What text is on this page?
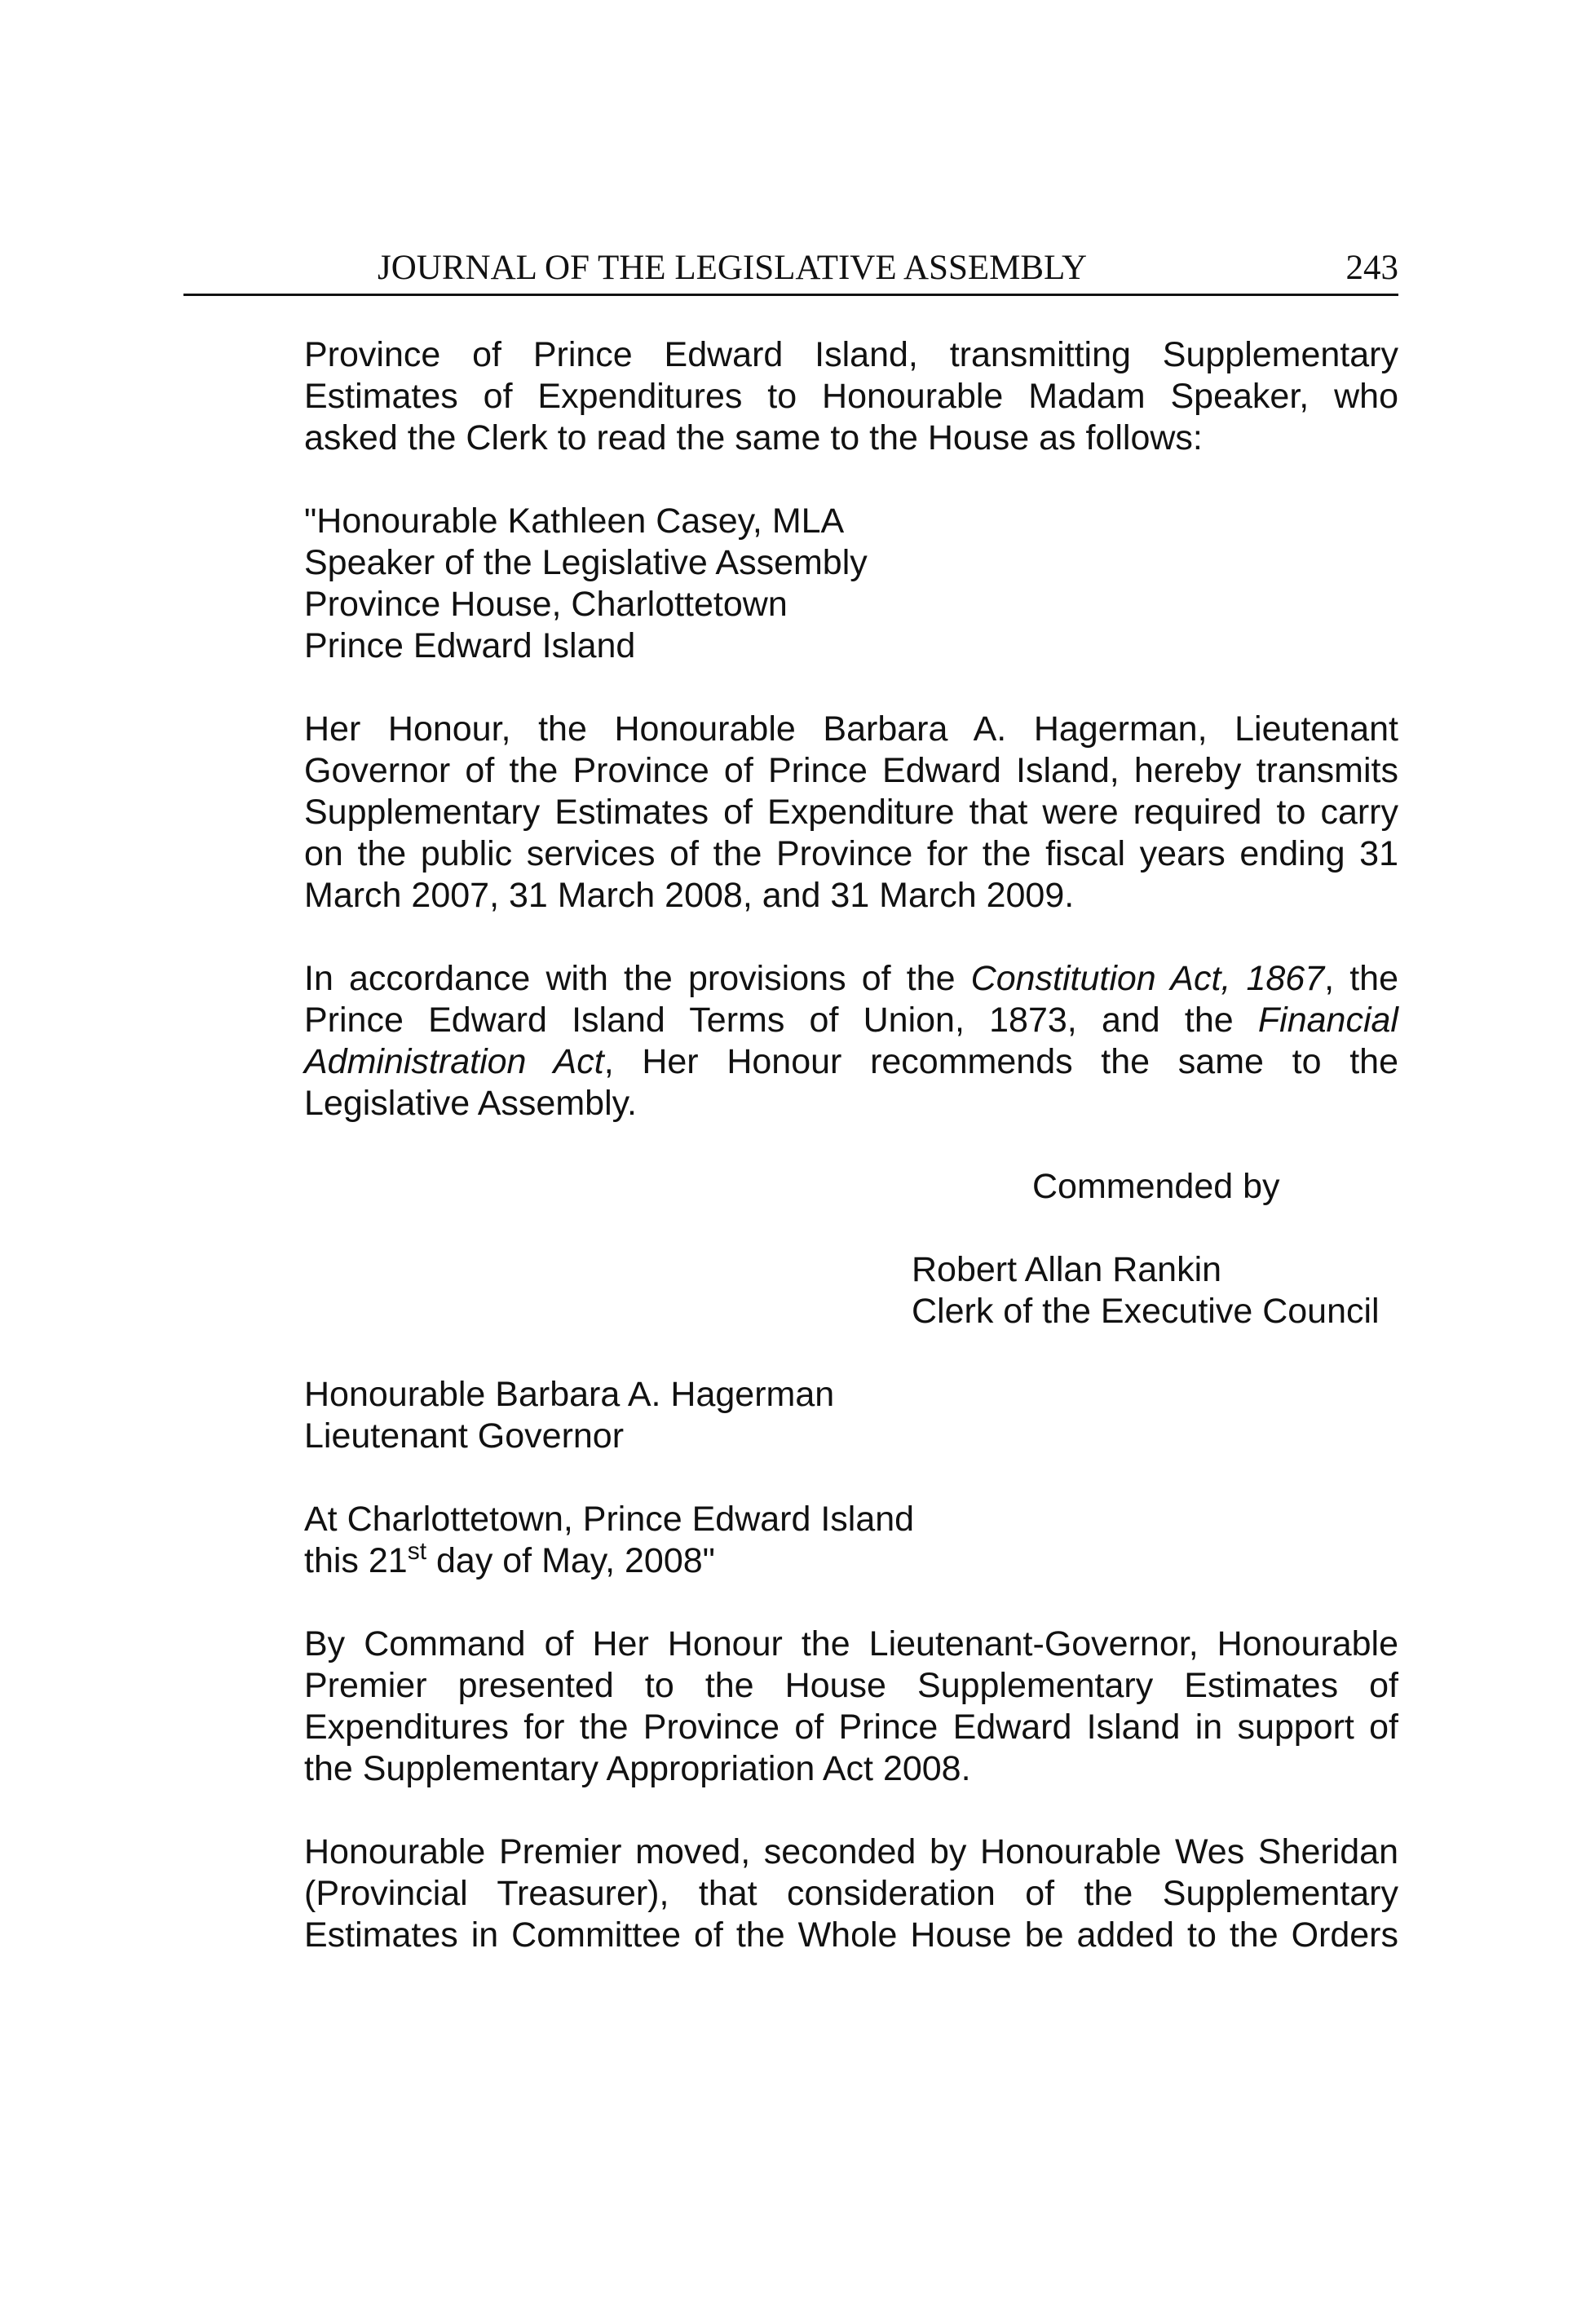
JOURNAL OF THE LEGISLATIVE ASSEMBLY	243

Province of Prince Edward Island, transmitting Supplementary
Estimates of Expenditures to Honourable Madam Speaker, who
asked the Clerk to read the same to the House as follows:

"Honourable Kathleen Casey, MLA
Speaker of the Legislative Assembly
Province House, Charlottetown
Prince Edward Island

Her Honour, the Honourable Barbara A. Hagerman, Lieutenant
Governor of the Province of Prince Edward Island, hereby transmits
Supplementary Estimates of Expenditure that were required to carry
on the public services of the Province for the fiscal years ending 31
March 2007, 31 March 2008, and 31 March 2009.

In accordance with the provisions of the Constitution Act, 1867, the
Prince Edward Island Terms of Union, 1873, and the Financial
Administration Act, Her Honour recommends the same to the
Legislative Assembly.

Commended by
Robert Allan Rankin
Clerk of the Executive Council
Honourable Barbara A. Hagerman
Lieutenant Governor
At Charlottetown, Prince Edward Island
this 21st day of May, 2008"

By Command of Her Honour the Lieutenant-Governor, Honourable
Premier presented to the House Supplementary Estimates of
Expenditures for the Province of Prince Edward Island in support of
the Supplementary Appropriation Act 2008.

Honourable Premier moved, seconded by Honourable Wes Sheridan
(Provincial Treasurer), that consideration of the Supplementary
Estimates in Committee of the Whole House be added to the Orders
